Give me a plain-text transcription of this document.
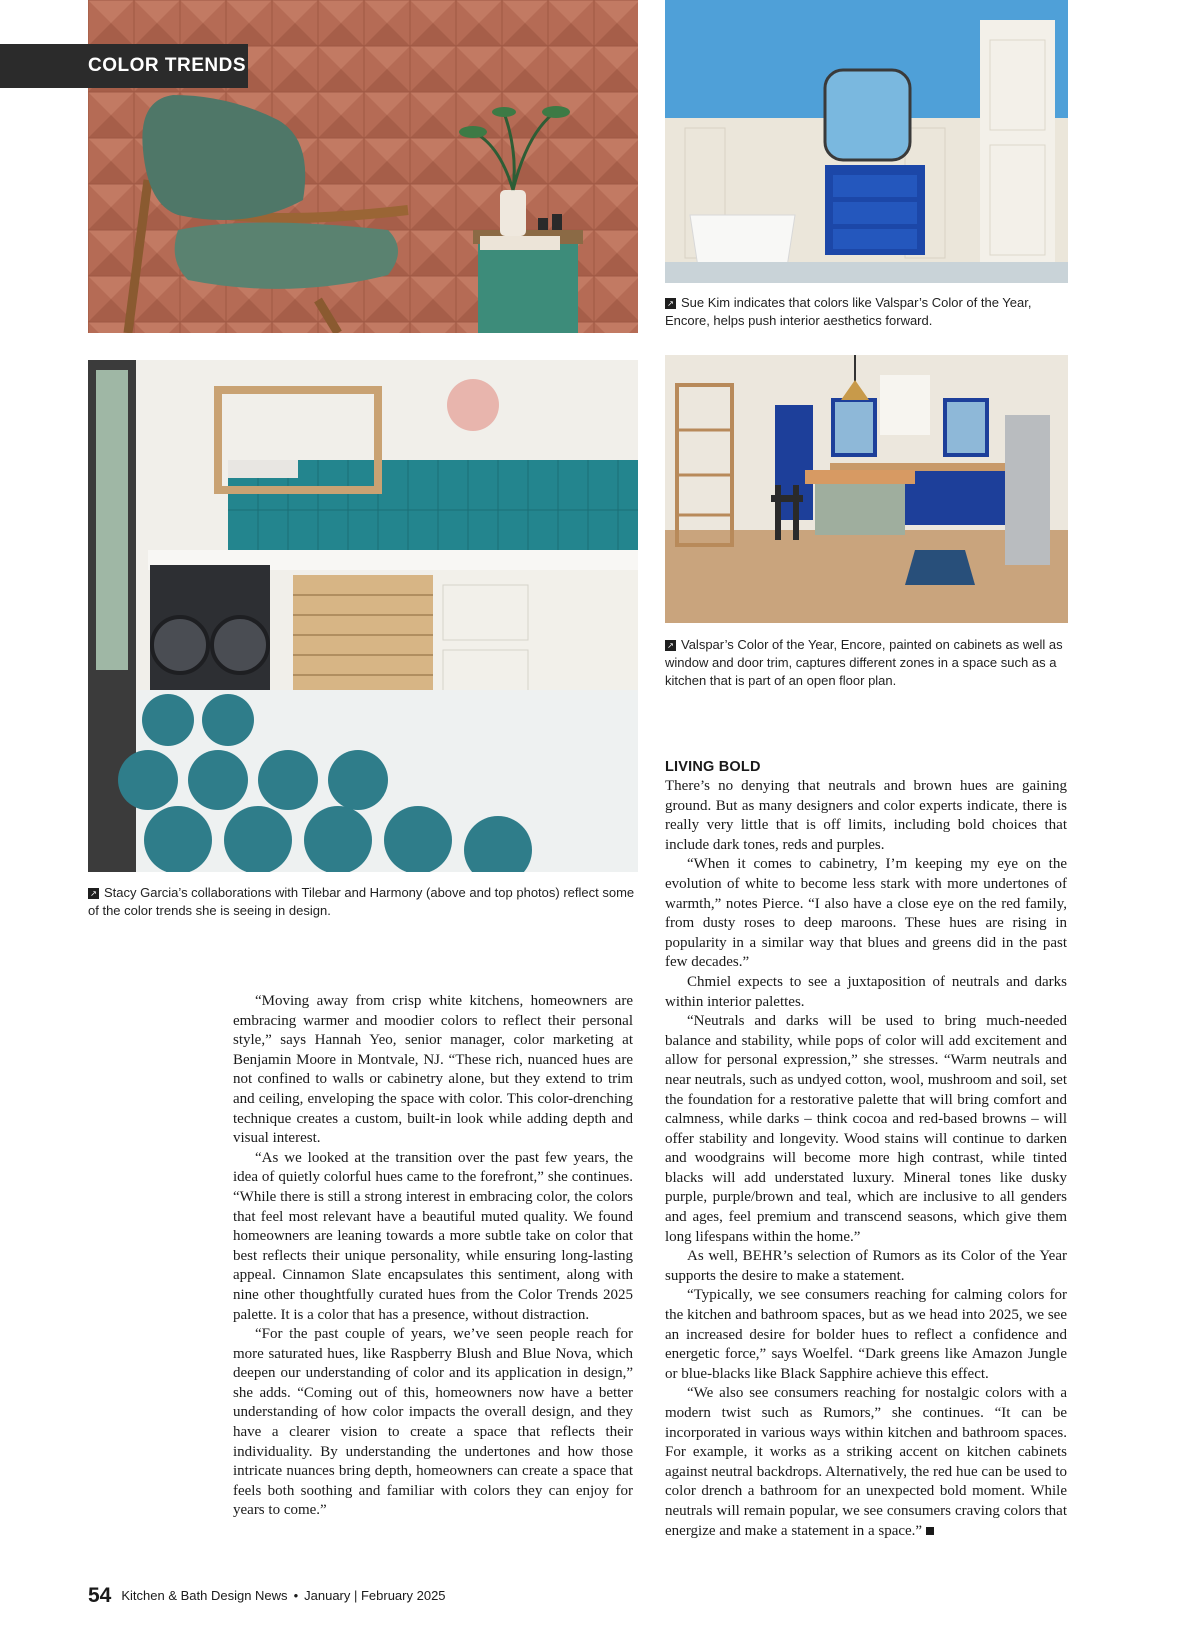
COLOR TRENDS
↗ Sue Kim indicates that colors like Valspar’s Color of the Year, Encore, helps push interior aesthetics forward.
↗ Stacy Garcia’s collaborations with Tilebar and Harmony (above and top photos) reflect some of the color trends she is seeing in design.
↗ Valspar’s Color of the Year, Encore, painted on cabinets as well as window and door trim, captures different zones in a space such as a kitchen that is part of an open floor plan.
LIVING BOLD

There’s no denying that neutrals and brown hues are gaining ground. But as many designers and color experts indicate, there is really very little that is off limits, including bold choices that include dark tones, reds and purples.

“When it comes to cabinetry, I’m keeping my eye on the evolution of white to become less stark with more undertones of warmth,” notes Pierce. “I also have a close eye on the red family, from dusty roses to deep maroons. These hues are rising in popularity in a similar way that blues and greens did in the past few decades.”

Chmiel expects to see a juxtaposition of neutrals and darks within interior palettes.

“Neutrals and darks will be used to bring much-needed balance and stability, while pops of color will add excitement and allow for personal expression,” she stresses. “Warm neutrals and near neutrals, such as undyed cotton, wool, mushroom and soil, set the foundation for a restorative palette that will bring comfort and calmness, while darks – think cocoa and red-based browns – will offer stability and longevity. Wood stains will continue to darken and woodgrains will become more high contrast, while tinted blacks will add understated luxury. Mineral tones like dusky purple, purple/brown and teal, which are inclusive to all genders and ages, feel premium and transcend seasons, which give them long lifespans within the home.”

As well, BEHR’s selection of Rumors as its Color of the Year supports the desire to make a statement.

“Typically, we see consumers reaching for calming colors for the kitchen and bathroom spaces, but as we head into 2025, we see an increased desire for bolder hues to reflect a confidence and energetic force,” says Woelfel. “Dark greens like Amazon Jungle or blue-blacks like Black Sapphire achieve this effect.

“We also see consumers reaching for nostalgic colors with a modern twist such as Rumors,” she continues. “It can be incorporated in various ways within kitchen and bathroom spaces. For example, it works as a striking accent on kitchen cabinets against neutral backdrops. Alternatively, the red hue can be used to color drench a bathroom for an unexpected bold moment. While neutrals will remain popular, we see consumers craving colors that energize and make a statement in a space.”

“Moving away from crisp white kitchens, homeowners are embracing warmer and moodier colors to reflect their personal style,” says Hannah Yeo, senior manager, color marketing at Benjamin Moore in Montvale, NJ. “These rich, nuanced hues are not confined to walls or cabinetry alone, but they extend to trim and ceiling, enveloping the space with color. This color-drenching technique creates a custom, built-in look while adding depth and visual interest.

“As we looked at the transition over the past few years, the idea of quietly colorful hues came to the forefront,” she continues. “While there is still a strong interest in embracing color, the colors that feel most relevant have a beautiful muted quality. We found homeowners are leaning towards a more subtle take on color that best reflects their unique personality, while ensuring long-lasting appeal. Cinnamon Slate encapsulates this sentiment, along with nine other thoughtfully curated hues from the Color Trends 2025 palette. It is a color that has a presence, without distraction.

“For the past couple of years, we’ve seen people reach for more saturated hues, like Raspberry Blush and Blue Nova, which deepen our understanding of color and its application in design,” she adds. “Coming out of this, homeowners now have a better understanding of how color impacts the overall design, and they have a clearer vision to create a space that reflects their individuality. By understanding the undertones and how those intricate nuances bring depth, homeowners can create a space that feels both soothing and familiar with colors they can enjoy for years to come.”

54 Kitchen & Bath Design News • January | February 2025
